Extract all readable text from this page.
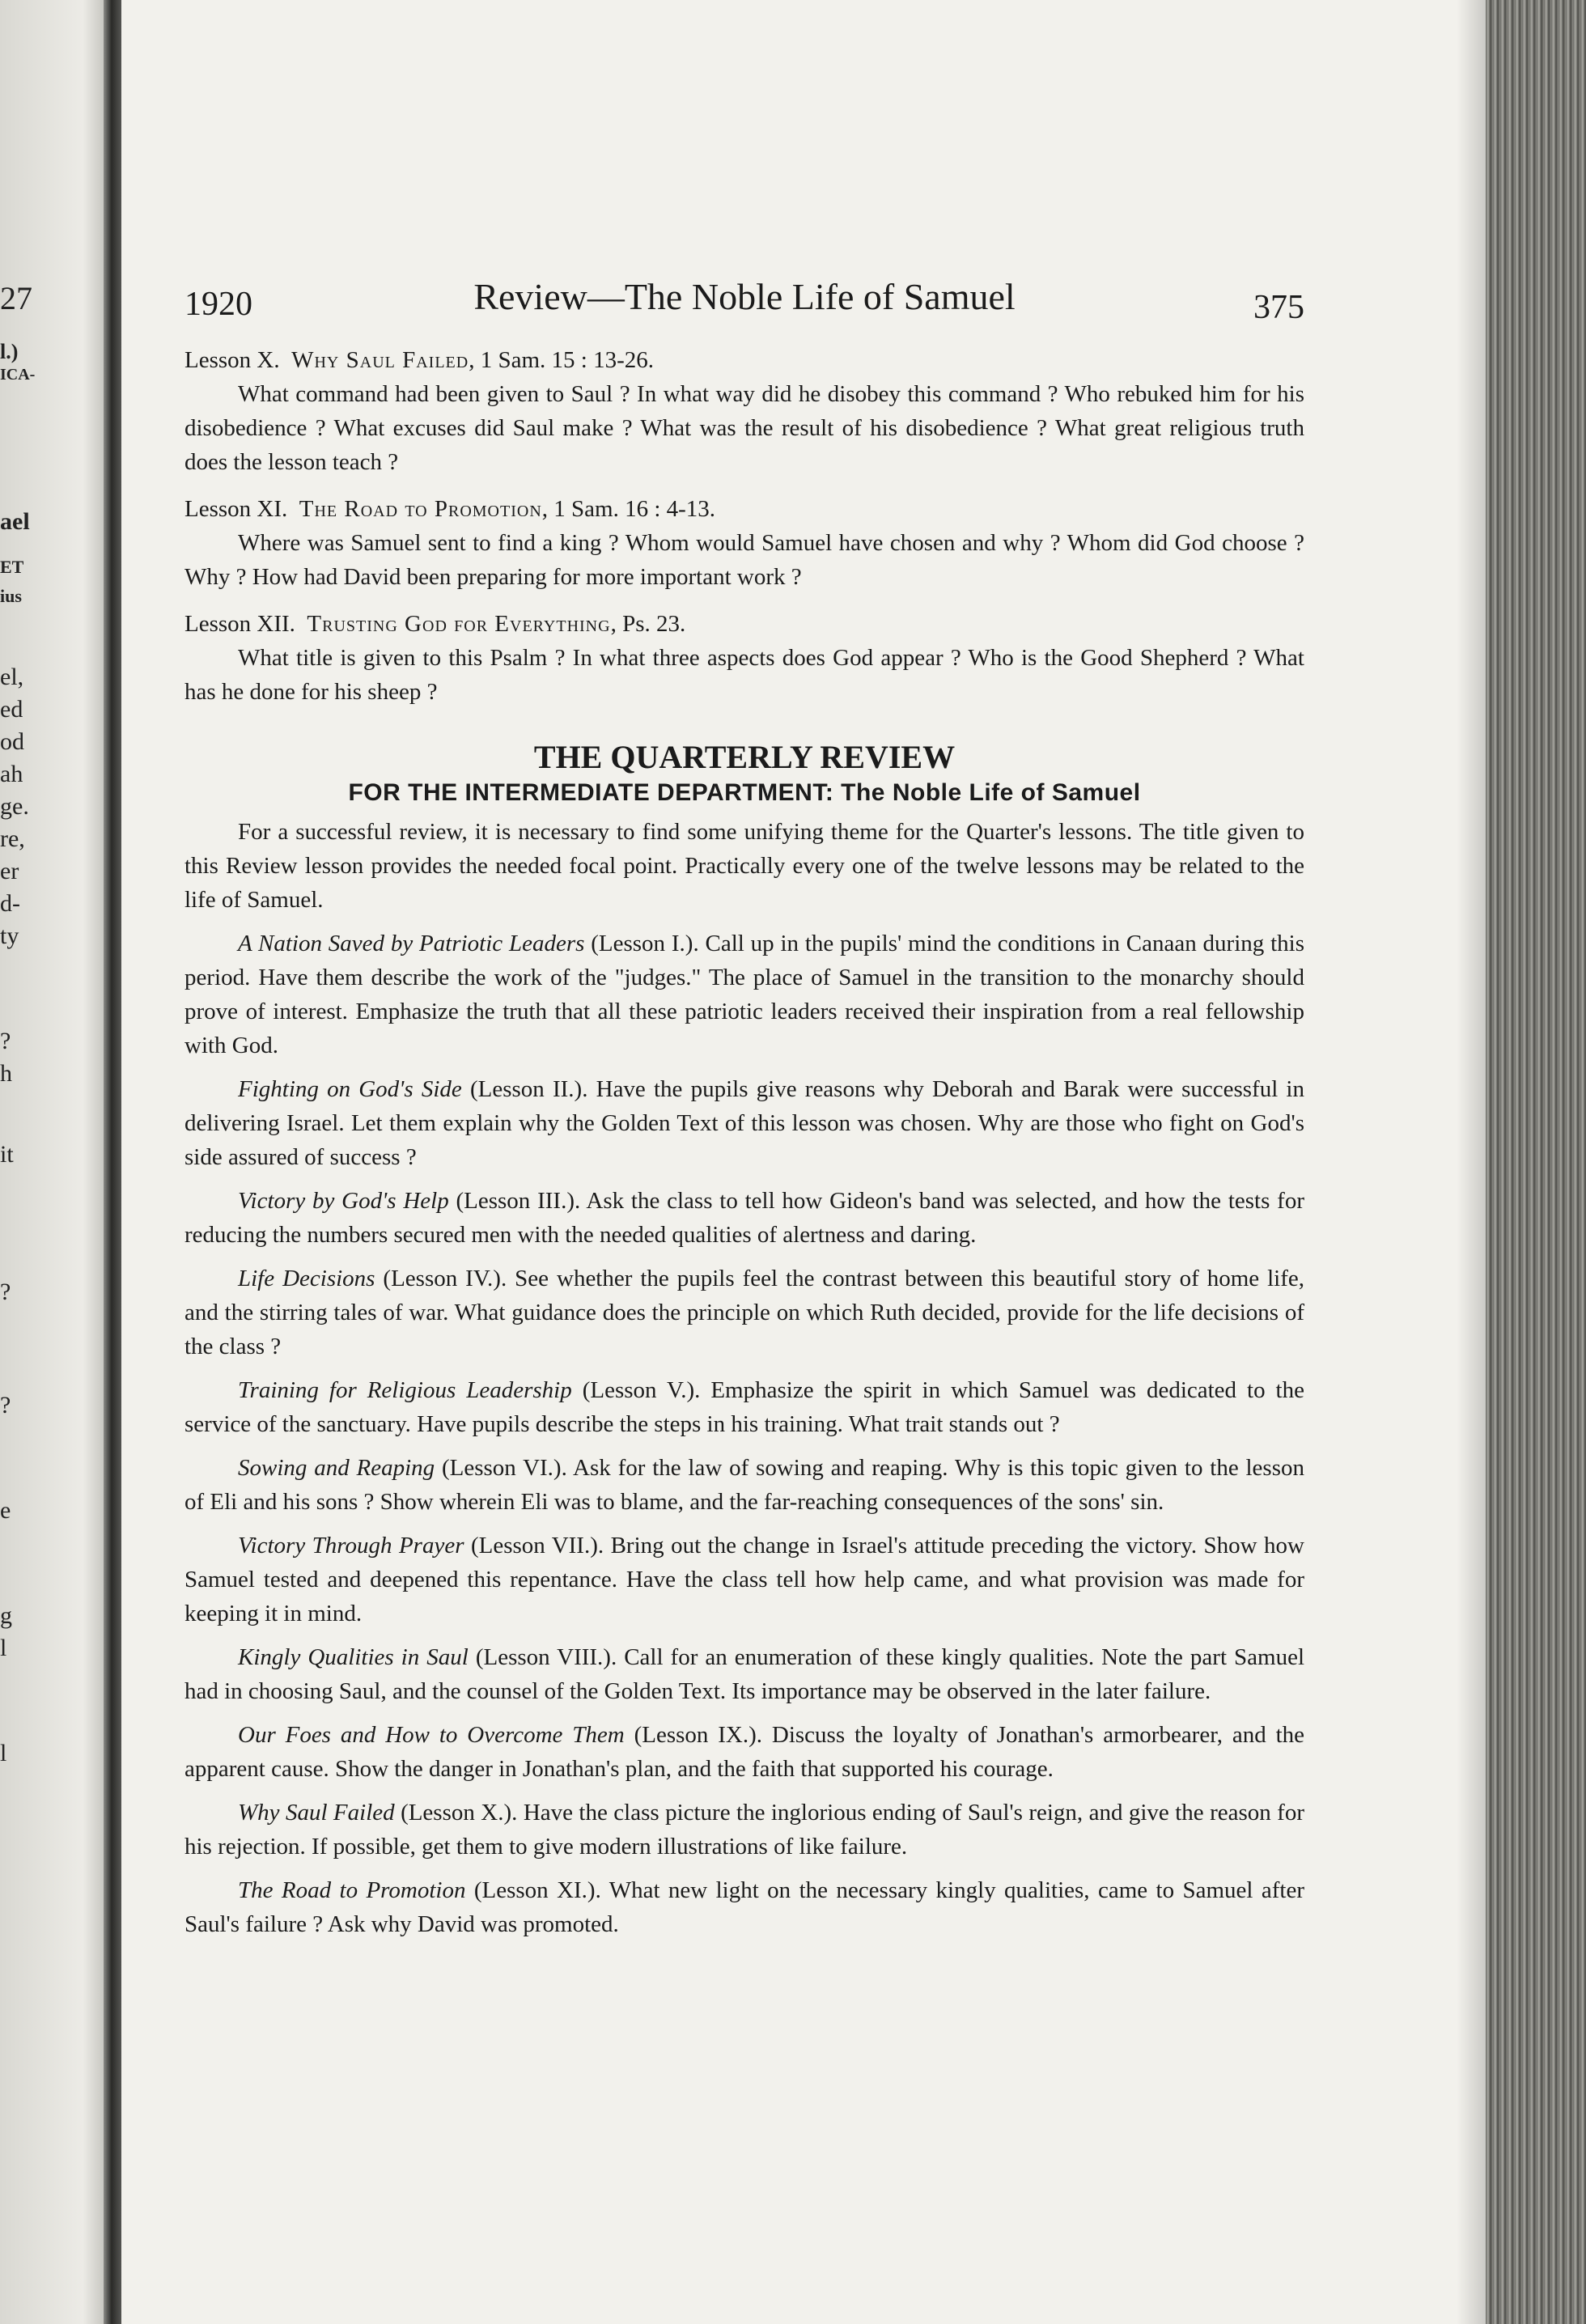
27
l.)
ICA-
ael
ET
ius
el,
ed
od
ah
ge.
re,
er
d-
ty
?
h
it
?
?
e
g
l
l
1920	Review—The Noble Life of Samuel	375
Lesson X. Why Saul Failed, 1 Sam. 15 : 13-26.
What command had been given to Saul ? In what way did he disobey this command ? Who rebuked him for his disobedience ? What excuses did Saul make ? What was the result of his disobedience ? What great religious truth does the lesson teach ?
Lesson XI. The Road to Promotion, 1 Sam. 16 : 4-13.
Where was Samuel sent to find a king ? Whom would Samuel have chosen and why ? Whom did God choose ? Why ? How had David been preparing for more important work ?
Lesson XII. Trusting God for Everything, Ps. 23.
What title is given to this Psalm ? In what three aspects does God appear ? Who is the Good Shepherd ? What has he done for his sheep ?
THE QUARTERLY REVIEW
FOR THE INTERMEDIATE DEPARTMENT: The Noble Life of Samuel
For a successful review, it is necessary to find some unifying theme for the Quarter's lessons. The title given to this Review lesson provides the needed focal point. Practically every one of the twelve lessons may be related to the life of Samuel.
A Nation Saved by Patriotic Leaders (Lesson I.). Call up in the pupils' mind the conditions in Canaan during this period. Have them describe the work of the "judges." The place of Samuel in the transition to the monarchy should prove of interest. Emphasize the truth that all these patriotic leaders received their inspiration from a real fellowship with God.
Fighting on God's Side (Lesson II.). Have the pupils give reasons why Deborah and Barak were successful in delivering Israel. Let them explain why the Golden Text of this lesson was chosen. Why are those who fight on God's side assured of success ?
Victory by God's Help (Lesson III.). Ask the class to tell how Gideon's band was selected, and how the tests for reducing the numbers secured men with the needed qualities of alertness and daring.
Life Decisions (Lesson IV.). See whether the pupils feel the contrast between this beautiful story of home life, and the stirring tales of war. What guidance does the principle on which Ruth decided, provide for the life decisions of the class ?
Training for Religious Leadership (Lesson V.). Emphasize the spirit in which Samuel was dedicated to the service of the sanctuary. Have pupils describe the steps in his training. What trait stands out ?
Sowing and Reaping (Lesson VI.). Ask for the law of sowing and reaping. Why is this topic given to the lesson of Eli and his sons ? Show wherein Eli was to blame, and the far-reaching consequences of the sons' sin.
Victory Through Prayer (Lesson VII.). Bring out the change in Israel's attitude preceding the victory. Show how Samuel tested and deepened this repentance. Have the class tell how help came, and what provision was made for keeping it in mind.
Kingly Qualities in Saul (Lesson VIII.). Call for an enumeration of these kingly qualities. Note the part Samuel had in choosing Saul, and the counsel of the Golden Text. Its importance may be observed in the later failure.
Our Foes and How to Overcome Them (Lesson IX.). Discuss the loyalty of Jonathan's armorbearer, and the apparent cause. Show the danger in Jonathan's plan, and the faith that supported his courage.
Why Saul Failed (Lesson X.). Have the class picture the inglorious ending of Saul's reign, and give the reason for his rejection. If possible, get them to give modern illustrations of like failure.
The Road to Promotion (Lesson XI.). What new light on the necessary kingly qualities, came to Samuel after Saul's failure ? Ask why David was promoted.
